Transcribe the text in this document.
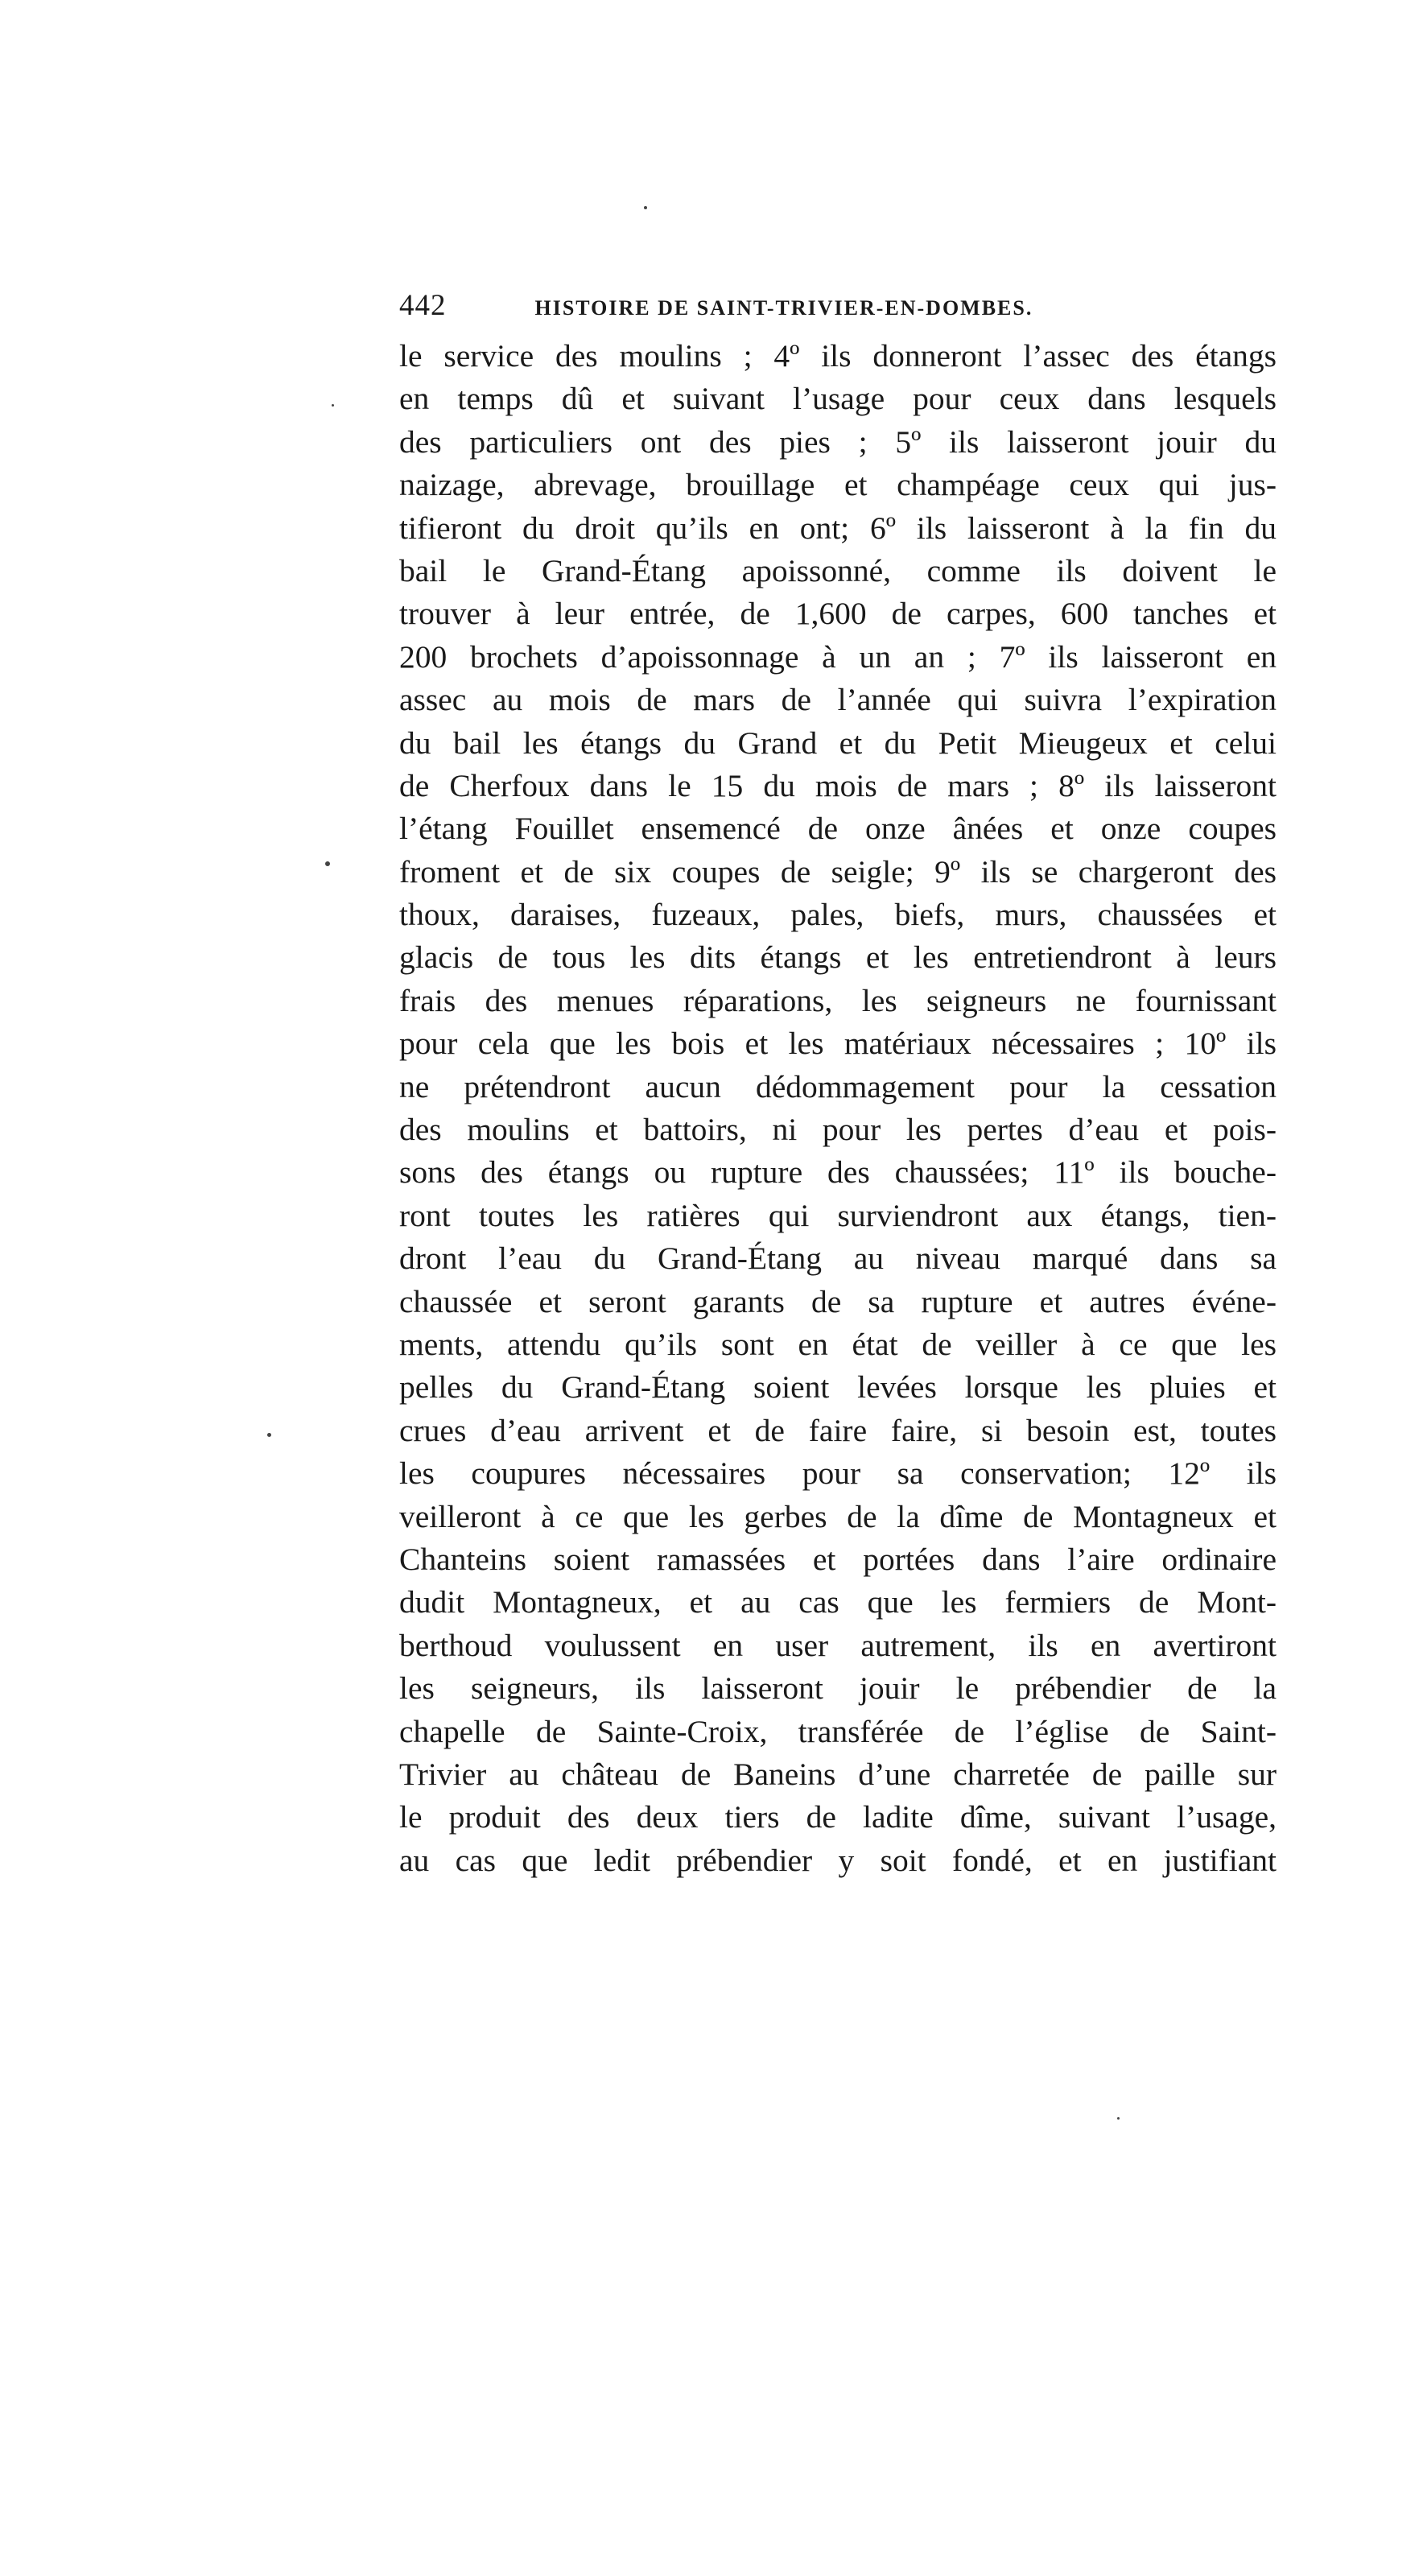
442	HISTOIRE DE SAINT-TRIVIER-EN-DOMBES.
le service des moulins ; 4º ils donneront l’assec des étangs
en temps dû et suivant l’usage pour ceux dans lesquels
des particuliers ont des pies ; 5º ils laisseront jouir du
naizage, abrevage, brouillage et champéage ceux qui jus-
tifieront du droit qu’ils en ont; 6º ils laisseront à la fin du
bail le Grand-Étang apoissonné, comme ils doivent le
trouver à leur entrée, de 1,600 de carpes, 600 tanches et
200 brochets d’apoissonnage à un an ; 7º ils laisseront en
assec au mois de mars de l’année qui suivra l’expiration
du bail les étangs du Grand et du Petit Mieugeux et celui
de Cherfoux dans le 15 du mois de mars ; 8º ils laisseront
l’étang Fouillet ensemencé de onze ânées et onze coupes
froment et de six coupes de seigle; 9º ils se chargeront des
thoux, daraises, fuzeaux, pales, biefs, murs, chaussées et
glacis de tous les dits étangs et les entretiendront à leurs
frais des menues réparations, les seigneurs ne fournissant
pour cela que les bois et les matériaux nécessaires ; 10º ils
ne prétendront aucun dédommagement pour la cessation
des moulins et battoirs, ni pour les pertes d’eau et pois-
sons des étangs ou rupture des chaussées; 11º ils bouche-
ront toutes les ratières qui surviendront aux étangs, tien-
dront l’eau du Grand-Étang au niveau marqué dans sa
chaussée et seront garants de sa rupture et autres événe-
ments, attendu qu’ils sont en état de veiller à ce que les
pelles du Grand-Étang soient levées lorsque les pluies et
crues d’eau arrivent et de faire faire, si besoin est, toutes
les coupures nécessaires pour sa conservation; 12º ils
veilleront à ce que les gerbes de la dîme de Montagneux et
Chanteins soient ramassées et portées dans l’aire ordinaire
dudit Montagneux, et au cas que les fermiers de Mont-
berthoud voulussent en user autrement, ils en avertiront
les seigneurs, ils laisseront jouir le prébendier de la
chapelle de Sainte-Croix, transférée de l’église de Saint-
Trivier au château de Baneins d’une charretée de paille sur
le produit des deux tiers de ladite dîme, suivant l’usage,
au cas que ledit prébendier y soit fondé, et en justifiant
